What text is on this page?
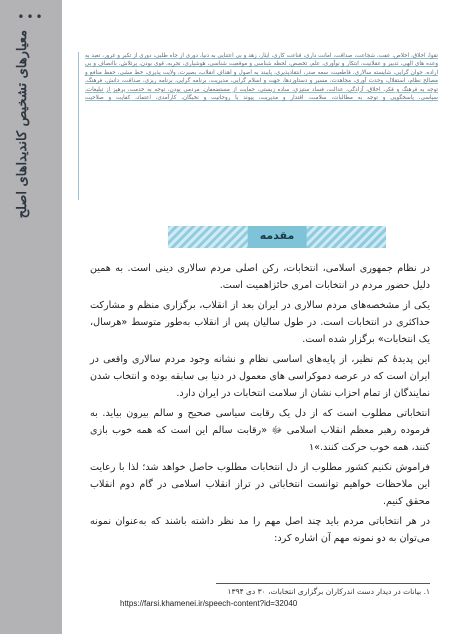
•••
معیارهای تشخیص کاندیداهای اصلح	تقوا، اخلاق، اخلاص، عفت، شجاعت، صداقت، امانت داری، قناعت کاری، ایثار، زهد و بی اعتنایی به دنیا، دوری از جاه طلبی، دوری از تکبر و غرور، تعبد به وعده های الهی، تدبیر و عقلانیت، ابتکار و نوآوری، علم، تخصص، لحظه شناسی و موقعیت شناسی، هوشیاری، تجربه، قوی بودن، پرتلاش، باانصاف و بی اراده، جوان گرایی، شایسته سالاری، قاطعیت، سعه صدر، انتقادپذیری، پایبند به اصول و اهداف انقلاب، بصیرت، ولایت پذیری، خط مشی، حفظ منافع و مصالح نظام، استقلال، وحدت آوری، مجاهدت، مسیر و دستاوردها، جهت و اسلام گرایی، مدیریت، برنامه گرایی، برنامه ریزی، صداقت، دانش، فرهنگ، توجه به فرهنگ و فکر، اخلاق، آزادگی، عدالت، فساد ستیزی، ساده زیستی، حمایت از مستضعفان، مردمی بودن، توجه به خدمت، پرهیز از تبلیغات، سیاسی، پاسخگویی و توجه به مطالبات، سلامت، اقتدار و مدیریت، پیوند با روحانیت و نخبگان، کارآمدی، اعتماد، کفایت و صلاحیت

مقدمه

در نظام جمهوری اسلامی، انتخابات، رکن اصلی مردم سالاری دینی است. به همین دلیل حضور مردم در انتخابات امری حائزاهمیت است.

یکی از مشخصه‌های مردم سالاری در ایران بعد از انقلاب، برگزاری منظم و مشارکت حداکثری در انتخابات است. در طول سالیان پس از انقلاب به‌طور متوسط «هرسال، یک انتخابات» برگزار شده است.

این پدیدهٔ کم نظیر، از پایه‌های اساسی نظام و نشانه وجود مردم سالاری واقعی در ایران است که در عرصه دموکراسی های معمول در دنیا بی سابقه بوده و انتخاب شدن نمایندگان از تمام احزاب نشان از سلامت انتخابات در ایران دارد.

انتخاباتی مطلوب است که از دل یک رقابت سیاسی صحیح و سالم بیرون بیاید. به فرموده رهبر معظم انقلاب اسلامی ﷻ «رقابت سالم این است که همه خوب بازی کنند، همه خوب حرکت کنند.»۱

فراموش نکنیم کشور مطلوب از دل انتخابات مطلوب حاصل خواهد شد؛ لذا با رعایت این ملاحظات خواهیم توانست انتخاباتی در تراز انقلاب اسلامی در گام دوم انقلاب محقق کنیم.

در هر انتخاباتی مردم باید چند اصل مهم را مد نظر داشته باشند که به‌عنوان نمونه می‌توان به دو نمونه مهم آن اشاره کرد:

۱. بیانات در دیدار دست اندرکاران برگزاری انتخابات، ۳۰ دی ۱۳۹۴
https://farsi.khamenei.ir/speech-content?id=32040
